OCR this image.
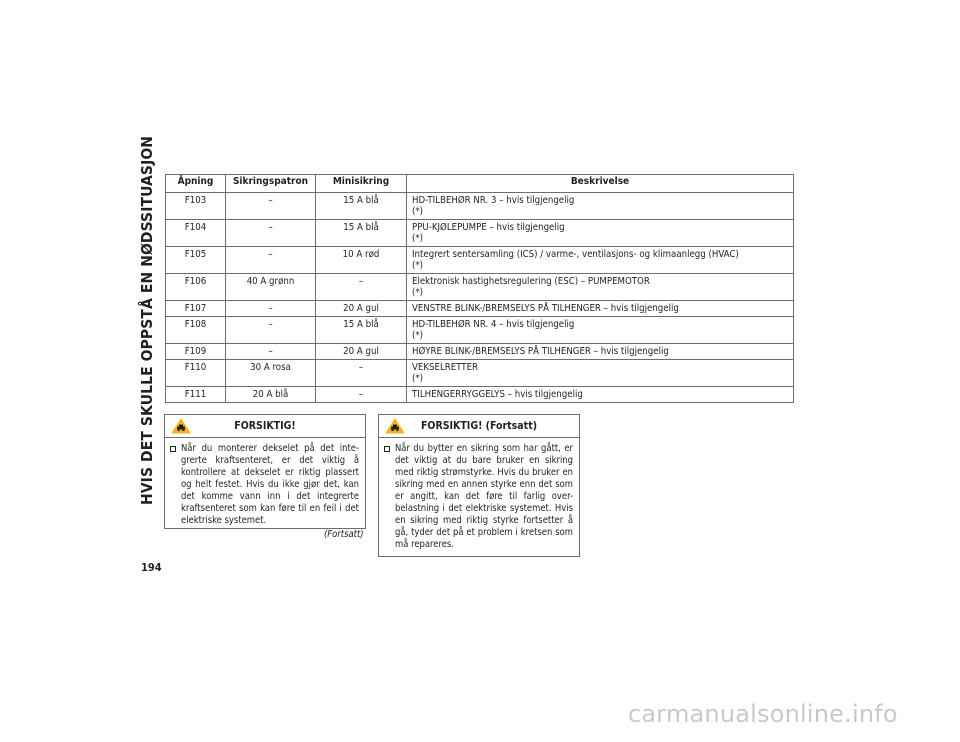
HVIS DET SKULLE OPPSTÅ EN NØDSSITUASJON
194
Åpning	Sikringspatron	Minisikring	Beskrivelse
F103	–	15 A blå	HD-TILBEHØR NR. 3 – hvis tilgjengelig
(*)

F104	–	15 A blå	PPU-KJØLEPUMPE – hvis tilgjengelig
(*)

F105	–	10 A rød	Integrert sentersamling (ICS) / varme-, ventilasjons- og klimaanlegg (HVAC)
(*)

F106	40 A grønn	–	Elektronisk hastighetsregulering (ESC) – PUMPEMOTOR
(*)

F107	–	20 A gul	VENSTRE BLINK-/BREMSELYS PÅ TILHENGER – hvis tilgjengelig
F108	–	15 A blå	HD-TILBEHØR NR. 4 – hvis tilgjengelig
(*)

F109	–	20 A gul	HØYRE BLINK-/BREMSELYS PÅ TILHENGER – hvis tilgjengelig
F110	30 A rosa	–	VEKSELRETTER
(*)

F111	20 A blå	–	TILHENGERRYGGELYS – hvis tilgjengelig
FORSIKTIG!
Når du monterer dekselet på det inte-grerte kraftsenteret, er det viktig å kontrollere at dekselet er riktig plassert og helt festet. Hvis du ikke gjør det, kan det komme vann inn i det integrerte kraftsenteret som kan føre til en feil i det elektriske systemet.
(Fortsatt)
FORSIKTIG! (Fortsatt)
Når du bytter en sikring som har gått, er det viktig at du bare bruker en sikring med riktig strømstyrke. Hvis du bruker en sikring med en annen styrke enn det som er angitt, kan det føre til farlig over-belastning i det elektriske systemet. Hvis en sikring med riktig styrke fortsetter å gå, tyder det på et problem i kretsen som må repareres.
carmanualsonline.info
